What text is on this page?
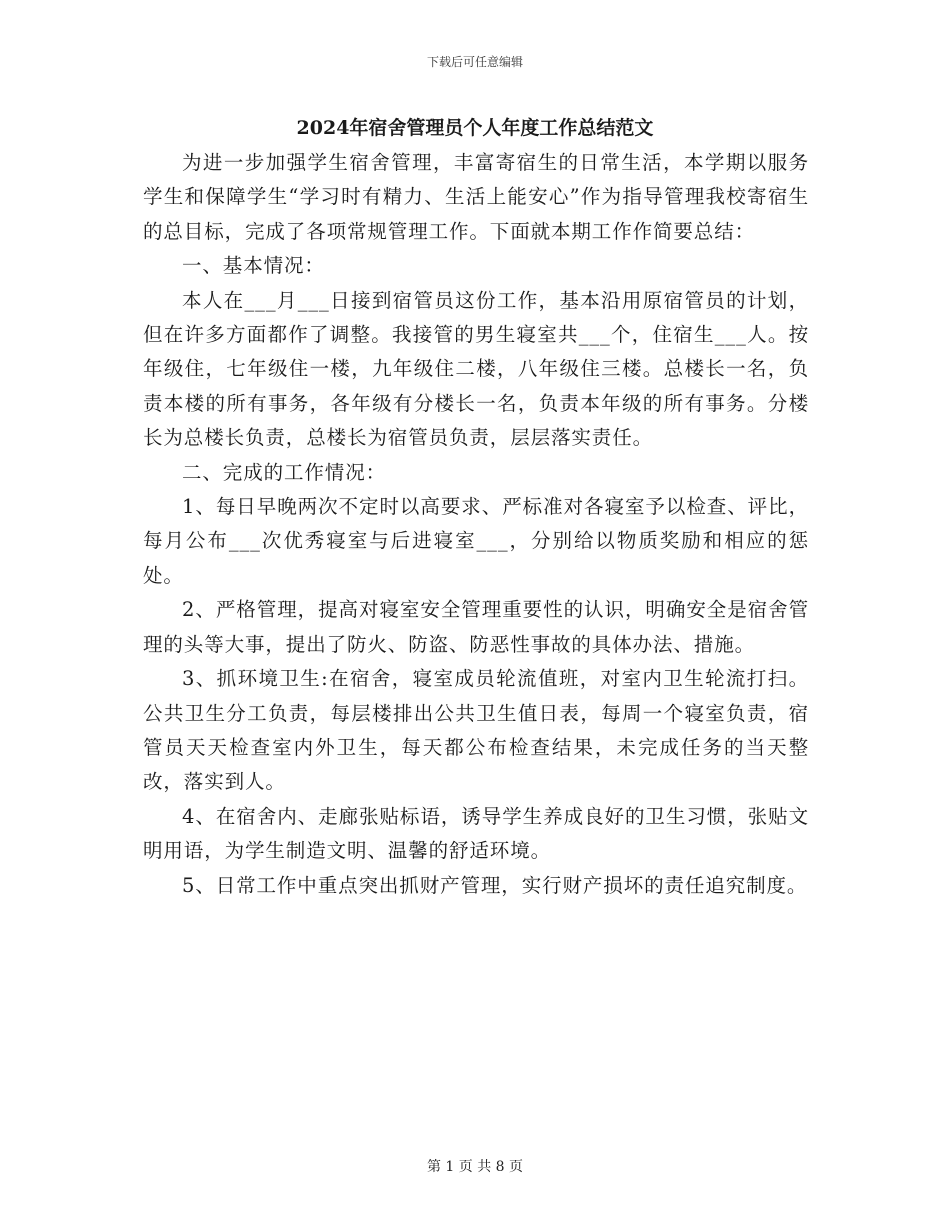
下载后可任意编辑
2024年宿舍管理员个人年度工作总结范文

为进一步加强学生宿舍管理，丰富寄宿生的日常生活，本学期以服务学生和保障学生“学习时有精力、生活上能安心”作为指导管理我校寄宿生的总目标，完成了各项常规管理工作。下面就本期工作作简要总结：

一、基本情况：

本人在___月___日接到宿管员这份工作，基本沿用原宿管员的计划，但在许多方面都作了调整。我接管的男生寝室共___个，住宿生___人。按年级住，七年级住一楼，九年级住二楼，八年级住三楼。总楼长一名，负责本楼的所有事务，各年级有分楼长一名，负责本年级的所有事务。分楼长为总楼长负责，总楼长为宿管员负责，层层落实责任。

二、完成的工作情况：

1、每日早晚两次不定时以高要求、严标准对各寝室予以检查、评比，每月公布___次优秀寝室与后进寝室___，分别给以物质奖励和相应的惩处。

2、严格管理，提高对寝室安全管理重要性的认识，明确安全是宿舍管理的头等大事，提出了防火、防盗、防恶性事故的具体办法、措施。

3、抓环境卫生:在宿舍，寝室成员轮流值班，对室内卫生轮流打扫。公共卫生分工负责，每层楼排出公共卫生值日表，每周一个寝室负责，宿管员天天检查室内外卫生，每天都公布检查结果，未完成任务的当天整改，落实到人。

4、在宿舍内、走廊张贴标语，诱导学生养成良好的卫生习惯，张贴文明用语，为学生制造文明、温馨的舒适环境。

5、日常工作中重点突出抓财产管理，实行财产损坏的责任追究制度。

第 1 页 共 8 页
